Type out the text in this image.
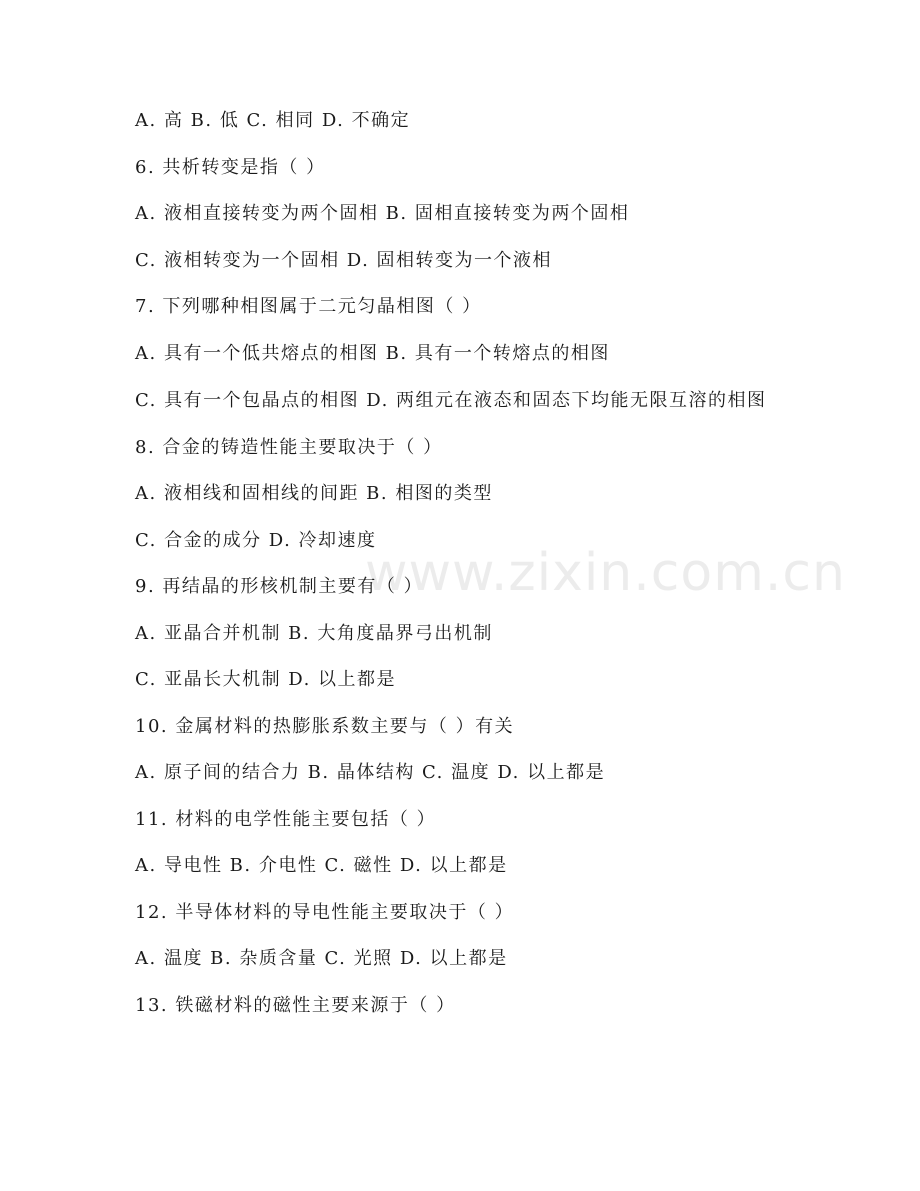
www.zixin.com.cn
A. 高 B. 低 C. 相同 D. 不确定
6. 共析转变是指（ ）
A. 液相直接转变为两个固相 B. 固相直接转变为两个固相
C. 液相转变为一个固相 D. 固相转变为一个液相
7. 下列哪种相图属于二元匀晶相图（ ）
A. 具有一个低共熔点的相图 B. 具有一个转熔点的相图
C. 具有一个包晶点的相图 D. 两组元在液态和固态下均能无限互溶的相图
8. 合金的铸造性能主要取决于（ ）
A. 液相线和固相线的间距 B. 相图的类型
C. 合金的成分 D. 冷却速度
9. 再结晶的形核机制主要有（ ）
A. 亚晶合并机制 B. 大角度晶界弓出机制
C. 亚晶长大机制 D. 以上都是
10. 金属材料的热膨胀系数主要与（ ）有关
A. 原子间的结合力 B. 晶体结构 C. 温度 D. 以上都是
11. 材料的电学性能主要包括（ ）
A. 导电性 B. 介电性 C. 磁性 D. 以上都是
12. 半导体材料的导电性能主要取决于（ ）
A. 温度 B. 杂质含量 C. 光照 D. 以上都是
13. 铁磁材料的磁性主要来源于（ ）
